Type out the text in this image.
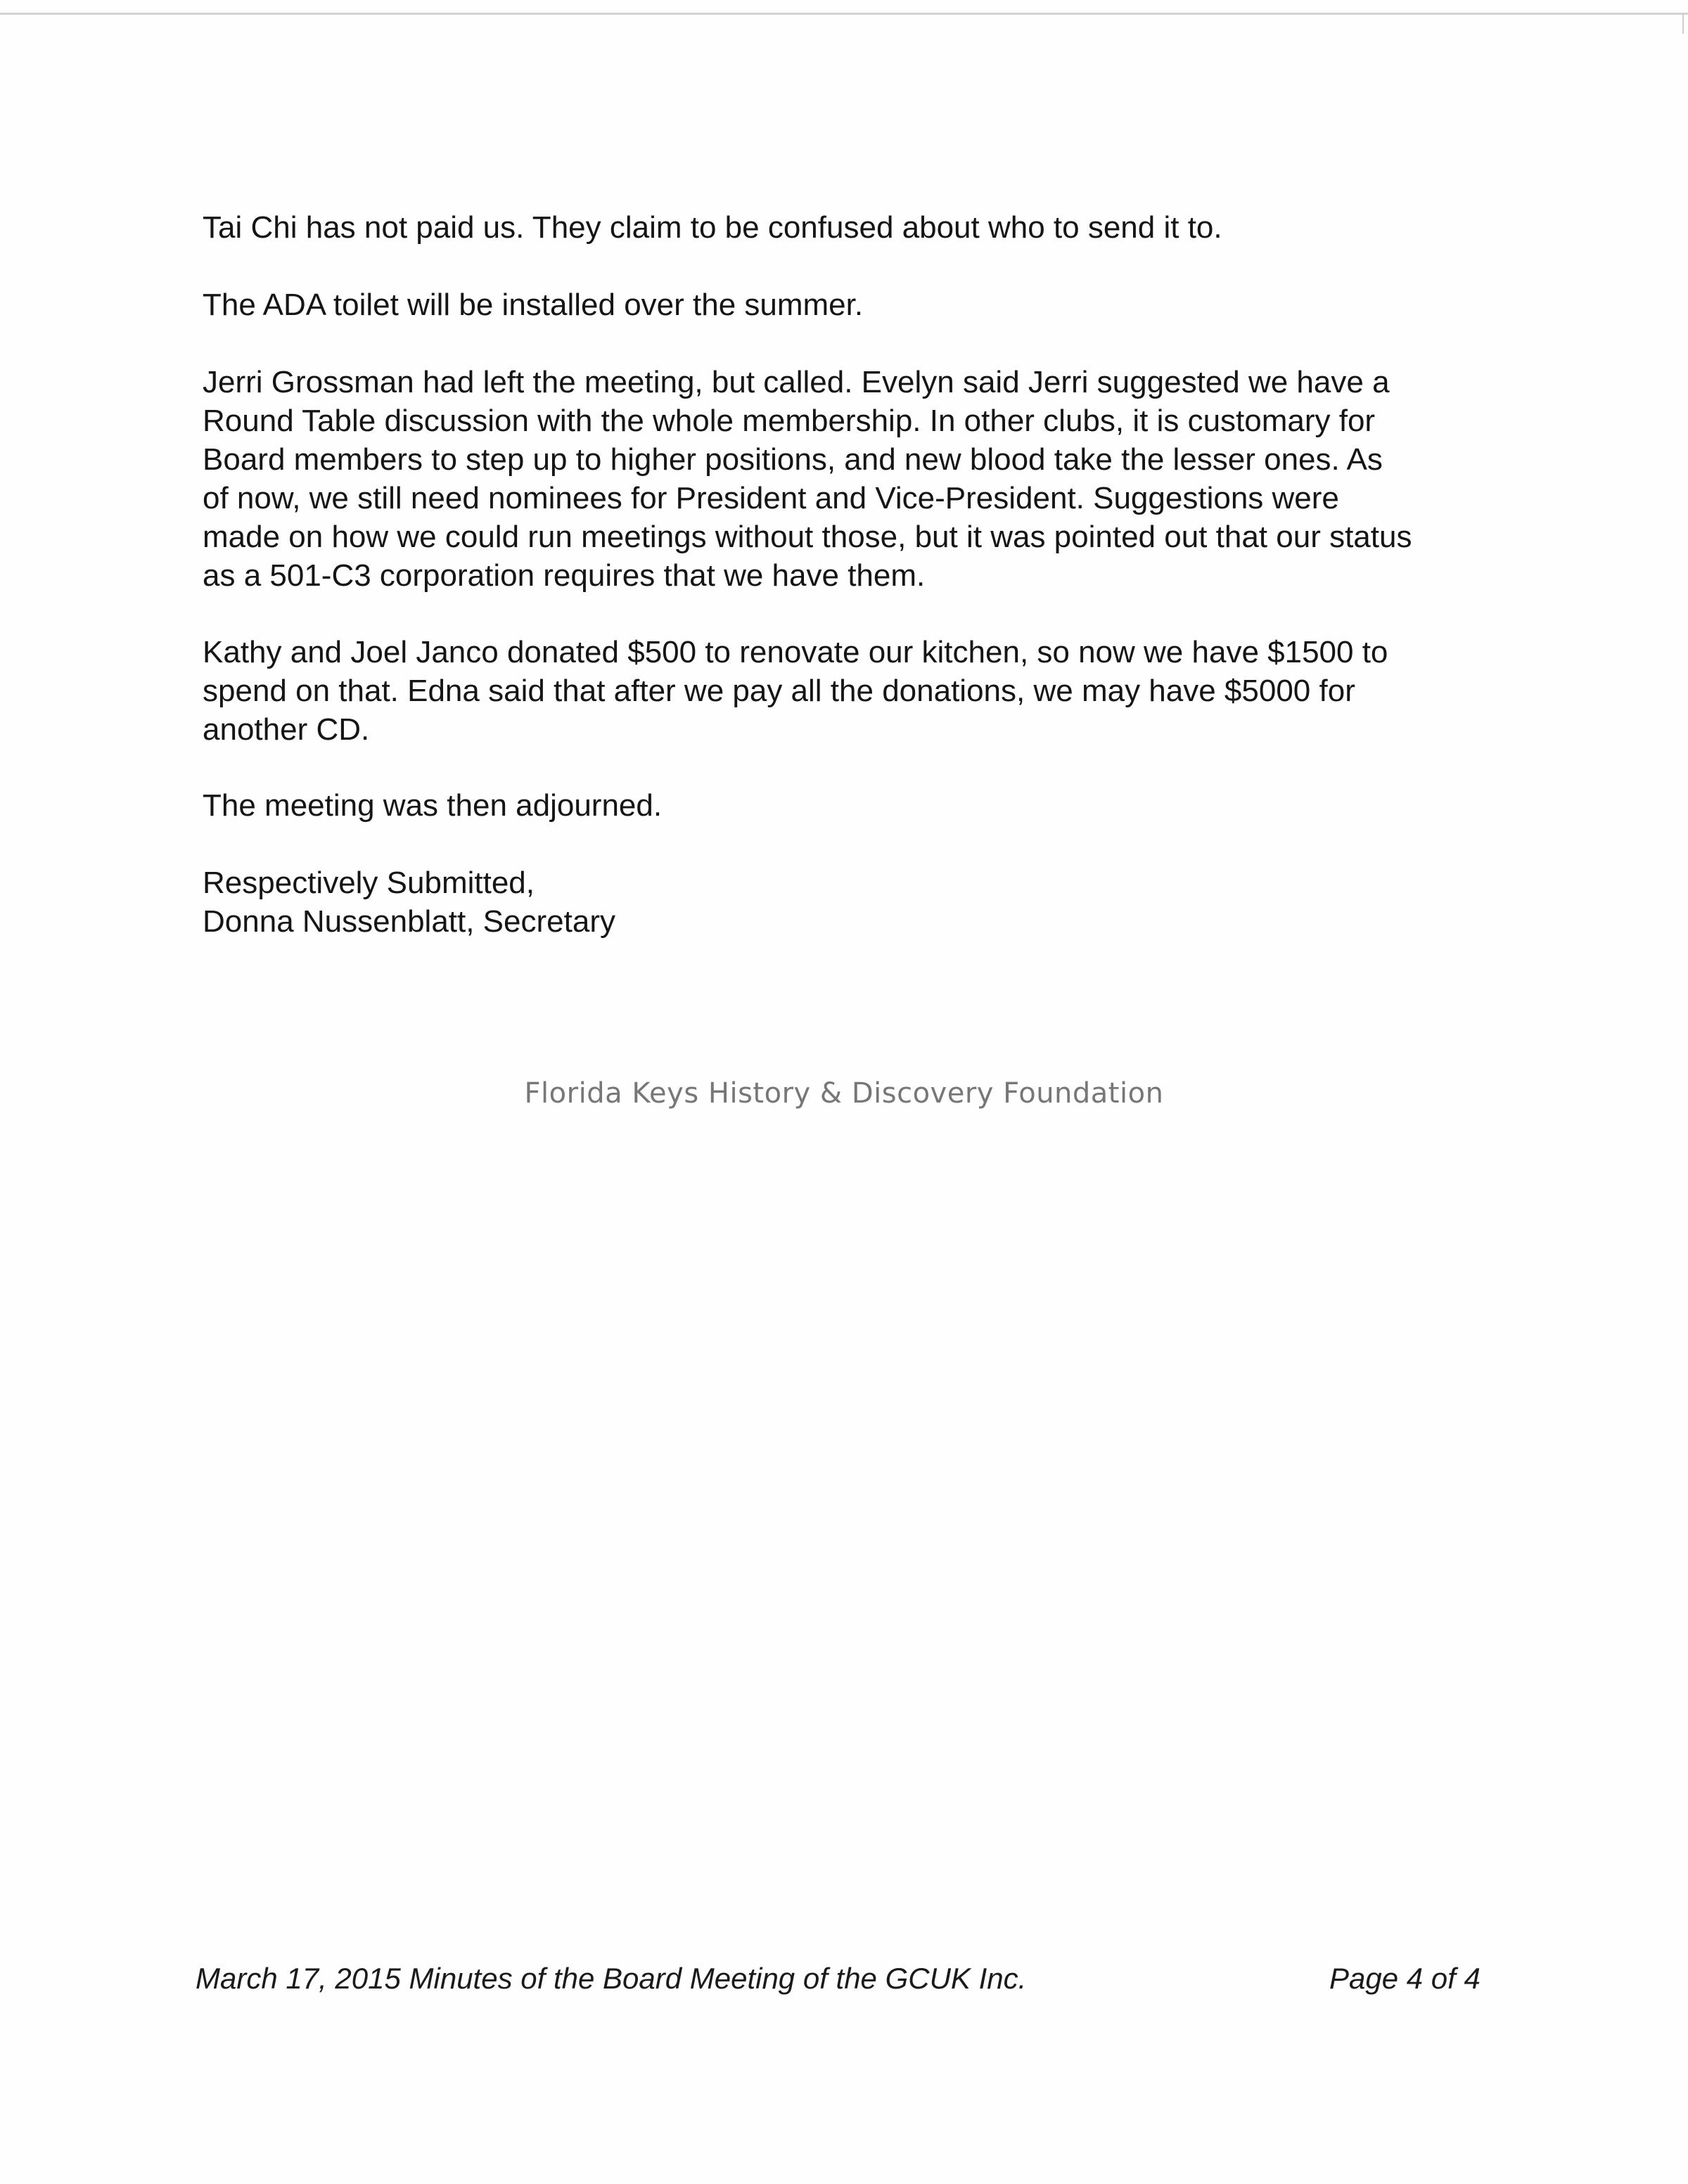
Tai Chi has not paid us. They claim to be confused about who to send it to.

The ADA toilet will be installed over the summer.

Jerri Grossman had left the meeting, but called. Evelyn said Jerri suggested we have a
Round Table discussion with the whole membership. In other clubs, it is customary for
Board members to step up to higher positions, and new blood take the lesser ones. As
of now, we still need nominees for President and Vice-President. Suggestions were
made on how we could run meetings without those, but it was pointed out that our status
as a 501-C3 corporation requires that we have them.

Kathy and Joel Janco donated $500 to renovate our kitchen, so now we have $1500 to
spend on that. Edna said that after we pay all the donations, we may have $5000 for
another CD.

The meeting was then adjourned.

Respectively Submitted,
Donna Nussenblatt, Secretary

Florida Keys History & Discovery Foundation
March 17, 2015 Minutes of the Board Meeting of the GCUK Inc.	Page 4 of 4
